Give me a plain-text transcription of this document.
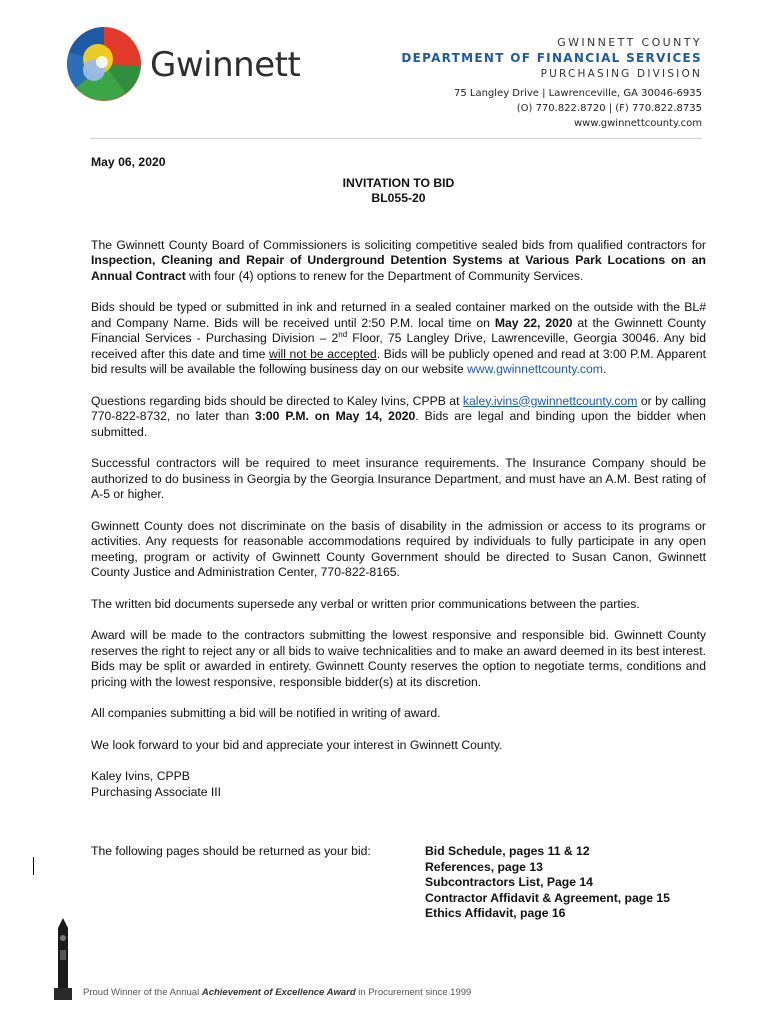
Gwinnett
GWINNETT COUNTY
DEPARTMENT OF FINANCIAL SERVICES
PURCHASING DIVISION
75 Langley Drive | Lawrenceville, GA 30046-6935
(O) 770.822.8720 | (F) 770.822.8735
www.gwinnettcounty.com
May 06, 2020
INVITATION TO BID
BL055-20

The Gwinnett County Board of Commissioners is soliciting competitive sealed bids from qualified contractors for Inspection, Cleaning and Repair of Underground Detention Systems at Various Park Locations on an Annual Contract with four (4) options to renew for the Department of Community Services.

Bids should be typed or submitted in ink and returned in a sealed container marked on the outside with the BL# and Company Name. Bids will be received until 2:50 P.M. local time on May 22, 2020 at the Gwinnett County Financial Services - Purchasing Division – 2nd Floor, 75 Langley Drive, Lawrenceville, Georgia 30046. Any bid received after this date and time will not be accepted. Bids will be publicly opened and read at 3:00 P.M. Apparent bid results will be available the following business day on our website www.gwinnettcounty.com.

Questions regarding bids should be directed to Kaley Ivins, CPPB at kaley.ivins@gwinnettcounty.com or by calling 770-822-8732, no later than 3:00 P.M. on May 14, 2020. Bids are legal and binding upon the bidder when submitted.

Successful contractors will be required to meet insurance requirements. The Insurance Company should be authorized to do business in Georgia by the Georgia Insurance Department, and must have an A.M. Best rating of A-5 or higher.

Gwinnett County does not discriminate on the basis of disability in the admission or access to its programs or activities. Any requests for reasonable accommodations required by individuals to fully participate in any open meeting, program or activity of Gwinnett County Government should be directed to Susan Canon, Gwinnett County Justice and Administration Center, 770-822-8165.

The written bid documents supersede any verbal or written prior communications between the parties.

Award will be made to the contractors submitting the lowest responsive and responsible bid. Gwinnett County reserves the right to reject any or all bids to waive technicalities and to make an award deemed in its best interest. Bids may be split or awarded in entirety. Gwinnett County reserves the option to negotiate terms, conditions and pricing with the lowest responsive, responsible bidder(s) at its discretion.

All companies submitting a bid will be notified in writing of award.

We look forward to your bid and appreciate your interest in Gwinnett County.

Kaley Ivins, CPPB
Purchasing Associate III
The following pages should be returned as your bid:	Bid Schedule, pages 11 & 12
References, page 13
Subcontractors List, Page 14
Contractor Affidavit & Agreement, page 15
Ethics Affidavit, page 16
Proud Winner of the Annual Achievement of Excellence Award in Procurement since 1999
